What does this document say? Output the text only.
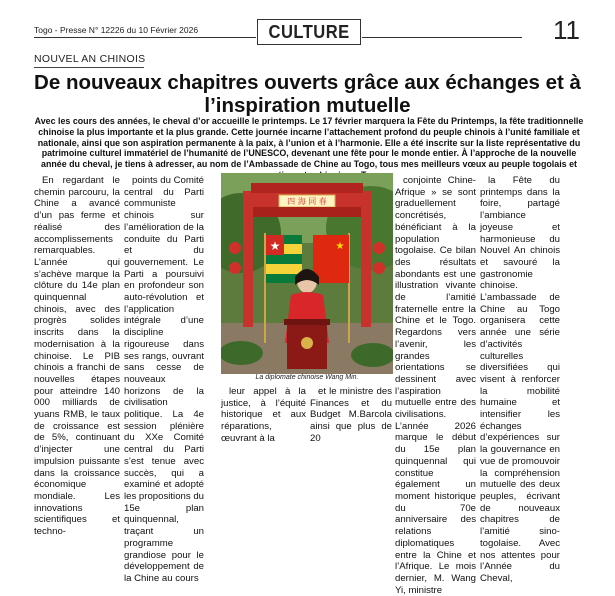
Togo - Presse N° 12226 du 10 Février 2026	CULTURE	11
NOUVEL AN CHINOIS
De nouveaux chapitres ouverts grâce aux échanges et à
l’inspiration mutuelle
Avec les cours des années, le cheval d’or accueille le printemps. Le 17 février marquera la Fête du Printemps, la fête traditionnelle chinoise la plus importante et la plus grande. Cette journée incarne l’attachement profond du peuple chinois à l’unité familiale et nationale, ainsi que son aspiration permanente à la paix, à l’union et à l’harmonie. Elle a été inscrite sur la liste représentative du patrimoine culturel immatériel de l’humanité de l’UNESCO, devenant une fête pour le monde entier. À l’approche de la nouvelle année du cheval, je tiens à adresser, au nom de l’Ambassade de Chine au Togo, tous mes meilleurs vœux au peuple togolais et

En regardant le chemin parcouru, la Chine a avancé d’un pas ferme et réalisé des accomplissements remarquables. L’année qui s’achève marque la clôture du 14e plan quinquennal chinois, avec des progrès solides inscrits dans la modernisation à la chinoise. Le PIB chinois a franchi de nouvelles étapes pour atteindre 140 000 milliards de yuans RMB, le taux de croissance est de 5%, continuant d’injecter une impulsion puissante dans la croissance économique mondiale. Les innovations scientifiques et techno-

points du Comité central du Parti communiste chinois sur l’amélioration de la conduite du Parti et du gouvernement. Le Parti a poursuivi en profondeur son auto-révolution et l’application intégrale d’une discipline rigoureuse dans ses rangs, ouvrant sans cesse de nouveaux horizons de la civilisation politique. La 4e session plénière du XXe Comité central du Parti s’est tenue avec succès, qui a examiné et adopté les propositions du 15e plan quinquennal, traçant un programme grandiose pour le développement de la Chine au cours

四 海 同 春
★	★
La diplomate chinoise Wang Min.

leur appel à la justice, à l’équité historique et aux réparations, œuvrant à la

et le ministre des Finances et du Budget M.Barcola ainsi que plus de 20

conjointe Chine-Afrique » se sont graduellement concrétisés, bénéficiant à la population togolaise. Ce bilan des résultats abondants est une illustration vivante de l’amitié fraternelle entre la Chine et le Togo. Regardons vers l’avenir, les grandes orientations se dessinent avec l’aspiration mutuelle entre des civilisations. L’année 2026 marque le début du 15e plan quinquennal qui constitue également un moment historique du 70e anniversaire des relations diplomatiques entre la Chine et l’Afrique. Le mois dernier, M. Wang Yi, ministre

la Fête du printemps dans la foire, partagé l’ambiance joyeuse et harmonieuse du Nouvel An chinois et savouré la gastronomie chinoise. L’ambassade de Chine au Togo organisera cette année une série d’activités culturelles diversifiées qui visent à renforcer la mobilité humaine et intensifier les échanges d’expériences sur la gouvernance en vue de promouvoir la compréhension mutuelle des deux peuples, écrivant de nouveaux chapitres de l’amitié sino-togolaise. Avec nos attentes pour l’Année du Cheval,
